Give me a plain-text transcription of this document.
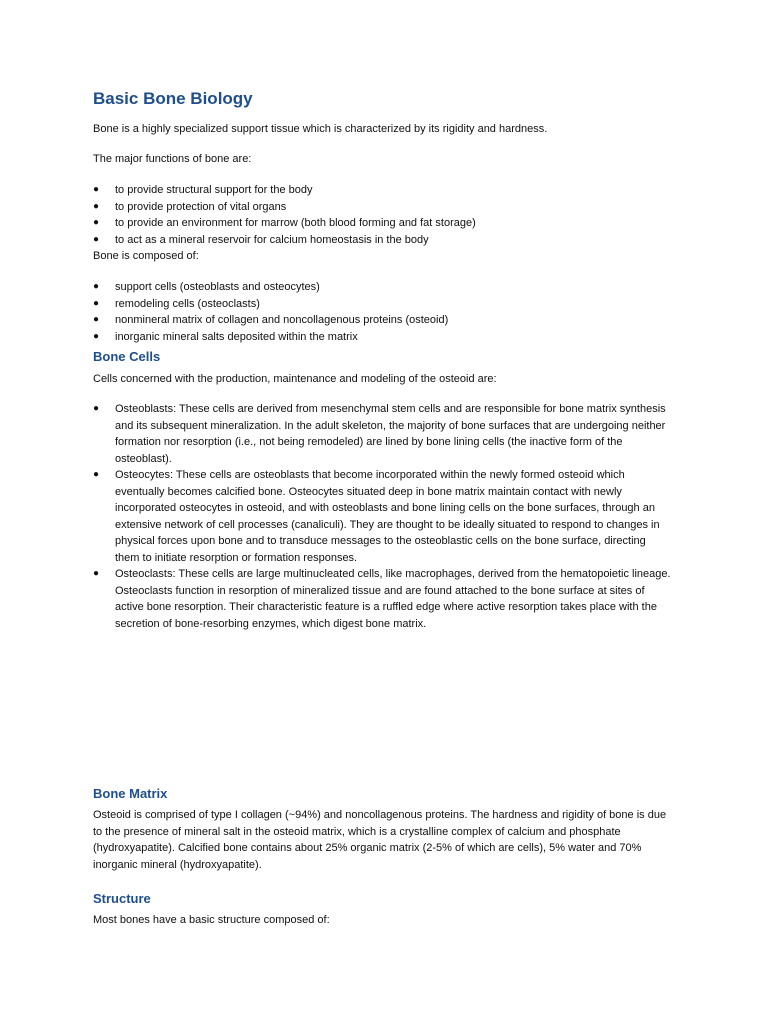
Basic Bone Biology

Bone is a highly specialized support tissue which is characterized by its rigidity and hardness.

The major functions of bone are:

● to provide structural support for the body
● to provide protection of vital organs
● to provide an environment for marrow (both blood forming and fat storage)
● to act as a mineral reservoir for calcium homeostasis in the body

Bone is composed of:

● support cells (osteoblasts and osteocytes)
● remodeling cells (osteoclasts)
● nonmineral matrix of collagen and noncollagenous proteins (osteoid)
● inorganic mineral salts deposited within the matrix
Bone Cells

Cells concerned with the production, maintenance and modeling of the osteoid are:

● Osteoblasts: These cells are derived from mesenchymal stem cells and are responsible for bone matrix synthesis and its subsequent mineralization. In the adult skeleton, the majority of bone surfaces that are undergoing neither formation nor resorption (i.e., not being remodeled) are lined by bone lining cells (the inactive form of the osteoblast).
● Osteocytes: These cells are osteoblasts that become incorporated within the newly formed osteoid which eventually becomes calcified bone. Osteocytes situated deep in bone matrix maintain contact with newly incorporated osteocytes in osteoid, and with osteoblasts and bone lining cells on the bone surfaces, through an extensive network of cell processes (canaliculi). They are thought to be ideally situated to respond to changes in physical forces upon bone and to transduce messages to the osteoblastic cells on the bone surface, directing them to initiate resorption or formation responses.
● Osteoclasts: These cells are large multinucleated cells, like macrophages, derived from the hematopoietic lineage. Osteoclasts function in resorption of mineralized tissue and are found attached to the bone surface at sites of active bone resorption. Their characteristic feature is a ruffled edge where active resorption takes place with the secretion of bone-resorbing enzymes, which digest bone matrix.
Bone Matrix

Osteoid is comprised of type I collagen (~94%) and noncollagenous proteins. The hardness and rigidity of bone is due to the presence of mineral salt in the osteoid matrix, which is a crystalline complex of calcium and phosphate (hydroxyapatite). Calcified bone contains about 25% organic matrix (2-5% of which are cells), 5% water and 70% inorganic mineral (hydroxyapatite).

Structure

Most bones have a basic structure composed of:
